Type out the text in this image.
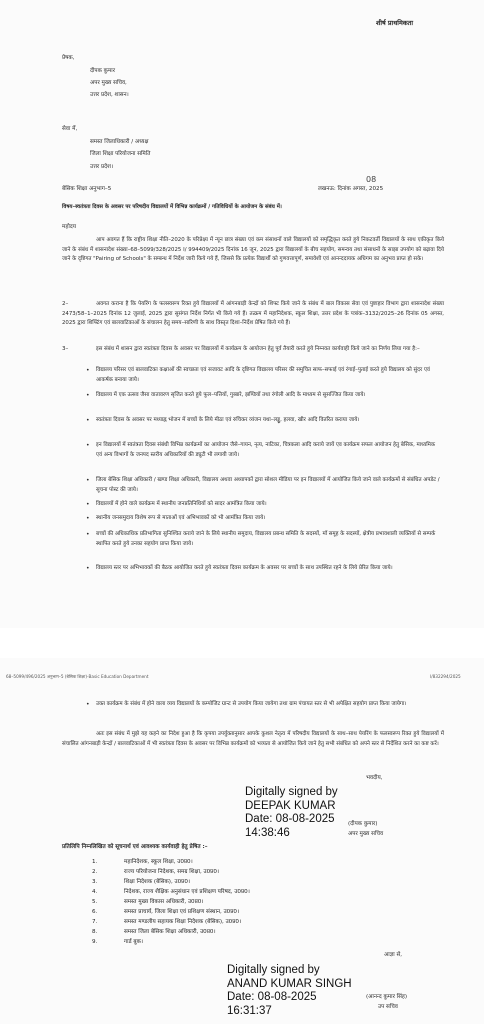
शीर्ष प्राथमिकता
प्रेषक,
दीपक कुमार
अपर मुख्य सचिव,
उत्तर प्रदेश, शासन।
सेवा में,
समस्त जिलाधिकारी / अध्यक्ष
जिला शिक्षा परियोजना समिति
उत्तर प्रदेश।
बेसिक शिक्षा अनुभाग–5	लखनऊ: दिनांक अगस्त, 2025
08
विषय–स्वतंत्रता दिवस के अवसर पर परिषदीय विद्यालयों में विभिन्न कार्यक्रमों / गतिविधियों के आयोजन के संबंध में।
महोदय
आप अवगत हैं कि राष्ट्रीय शिक्षा नीति–2020 के परिप्रेक्ष्य में न्यून छात्र संख्या एवं कम संसाधनों वाले विद्यालयों को समृद्धिकृत करते हुये निकटवर्ती विद्यालयों के साथ एकीकृत किये जाने के संबंध में शासनादेश संख्या–68–5099/328/2025 I/ 994409/2025 दिनांक 16 जून, 2025 द्वारा विद्यालयों के बीच सहयोग, समन्वय तथा संसाधनों के साझा उपयोग को बढ़ावा दिये जाने के दृष्टिगत "Pairing of Schools" के सम्बन्ध में निर्देश जारी किये गये हैं, जिससे कि प्रत्येक विद्यार्थी को गुणवत्तापूर्ण, समावेशी एवं आनन्ददायक अधिगम का अनुभव प्राप्त हो सके।
2–	अवगत कराना है कि पेयरिंग के फलस्वरूप रिक्त हुये विद्यालयों में आंगनबाड़ी केन्द्रों को शिफ्ट किये जाने के संबंध में बाल विकास सेवा एवं पुष्टाहार विभाग द्वारा शासनादेश संख्या 2473/58–1–2025 दिनांक 12 जुलाई, 2025 द्वारा सुसंगत निर्देश निर्गत भी किये गये हैं। तत्क्रम में महानिदेशक, स्कूल शिक्षा, उत्तर प्रदेश के पत्रांक–3132/2025–26 दिनांक 05 अगस्त, 2025 द्वारा शिफ्टिंग एवं बालवाटिकाओं के संचालन हेतु समय–सारिणी के साथ विस्तृत दिशा–निर्देश प्रेषित किये गये हैं।
3–	इस संबंध में शासन द्वारा स्वतंत्रता दिवस के अवसर पर विद्यालयों में कार्यक्रम के आयोजन हेतु पूर्व तैयारी करते हुये निम्नवत कार्यवाही किये जाने का निर्णय लिया गया है:–
• विद्यालय परिसर एवं बालवाटिका कक्षाओं की स्वच्छता एवं सजावट आदि के दृष्टिगत विद्यालय परिसर की समुचित साफ–सफाई एवं रंगाई–पुताई करते हुये विद्यालय को सुंदर एवं आकर्षक बनाया जाये।
• विद्यालय में एक उत्सव जैसा वातावरण सृजित करते हुये फूल–पत्तियों, गुब्बारे, झण्डियों तथा रंगोली आदि के माध्यम से सुसज्जित किया जाये।
• स्वतंत्रता दिवस के अवसर पर मध्याह्न भोजन में बच्चों के लिये मीठा एवं रुचिकर व्यंजन यथा–लड्डू, हलवा, खीर आदि वितरित कराया जाये।
• इन विद्यालयों में स्वतंत्रता दिवस संबंधी विभिन्न कार्यक्रमों का आयोजन जैसे–गायन, नृत्य, नाटिका, चित्रकला आदि कराये जायें एव कार्यक्रम सफल आयोजन हेतु बेसिक, माध्यमिक एवं अन्य विभागों के जनपद स्तरीय अधिकारियों की ड्यूटी भी लगायी जाये।
• जिला बेसिक शिक्षा अधिकारी / खण्ड शिक्षा अधिकारी, विद्यालय अथवा अध्यापकों द्वारा सोशल मीडिया पर इन विद्यालयों में आयोजित किये जाने वाले कार्यक्रमों से संबंधित अपडेट / सूचना पोस्ट की जाये।
• विद्यालयों में होने वाले कार्यक्रम में स्थानीय जनप्रतिनिधियों को सादर आमंत्रित किया जाये।
• स्थानीय जनसमुदाय विशेष रूप से माताओं एवं अभिभावकों को भी आमंत्रित किया जाये।
• बच्चों की अधिकाधिक प्रतिभागिता सुनिश्चित कराये जाने के लिये स्थानीय समुदाय, विद्यालय प्रबन्ध समिति के सदस्यों, माँ समूह के सदस्यों, क्षेत्रीय प्रभावशाली व्यक्तियों से सम्पर्क स्थापित करते हुये उनका सहयोग प्राप्त किया जाये।
• विद्यालय स्तर पर अभिभावकों की बैठक आयोजित करते हुये स्वतंत्रता दिवस कार्यक्रम के अवसर पर बच्चों के साथ उपस्थित रहने के लिये प्रेरित किया जाये।
68–5099/496/2025 अनुभाग–5 (बेसिक शिक्षा)-Basic Education Department	I/832294/2025
• उक्त कार्यक्रम के संबंध में होने वाला व्यय विद्यालयों के कम्पोजिट ग्रान्ट से उपयोग किया जायेगा तथा ग्राम पंचायत स्तर से भी अपेक्षित सहयोग प्राप्त किया जायेगा।
अतः इस संबंध में मुझे यह कहने का निदेश हुआ है कि कृपया उपर्युक्तानुसार आपके कुशल नेतृत्व में परिषदीय विद्यालयों के साथ–साथ पेयरिंग के फलस्वरूप रिक्त हुये विद्यालयों में संचालित आंगनबाड़ी केन्द्रों / बालवाटिकाओं में भी स्वतंत्रता दिवस के अवसर पर विभिन्न कार्यक्रमों को भव्यता से आयोजित किये जाने हेतु सभी संबंधित को अपने स्तर से निर्देशित करने का कष्ट करें।
भवदीय,
Digitally signed by
DEEPAK KUMAR
Date: 08-08-2025
14:38:46
(दीपक कुमार)
अपर मुख्य सचिव
प्रतिलिपि निम्नलिखित को सूचनार्थ एवं आवश्यक कार्यवाही हेतु प्रेषित :–
1.	महानिदेशक, स्कूल शिक्षा, उ0प्र0।
2.	राज्य परियोजना निदेशक, समग्र शिक्षा, उ0प्र0।
3.	शिक्षा निदेशक (बेसिक), उ0प्र0।
4.	निदेशक, राज्य शैक्षिक अनुसंधान एवं प्रशिक्षण परिषद, उ0प्र0।
5.	समस्त मुख्य विकास अधिकारी, उ0प्र0।
6.	समस्त प्राचार्य, जिला शिक्षा एवं प्रशिक्षण संस्थान, उ0प्र0।
7.	समस्त मण्डलीय सहायक शिक्षा निदेशक (बेसिक), उ0प्र0।
8.	समस्त जिला बेसिक शिक्षा अधिकारी, उ0प्र0।
9.	गार्ड बुक।
आज्ञा से,
Digitally signed by
ANAND KUMAR SINGH
Date: 08-08-2025
16:31:37
(आनन्द कुमार सिंह)
उप सचिव
